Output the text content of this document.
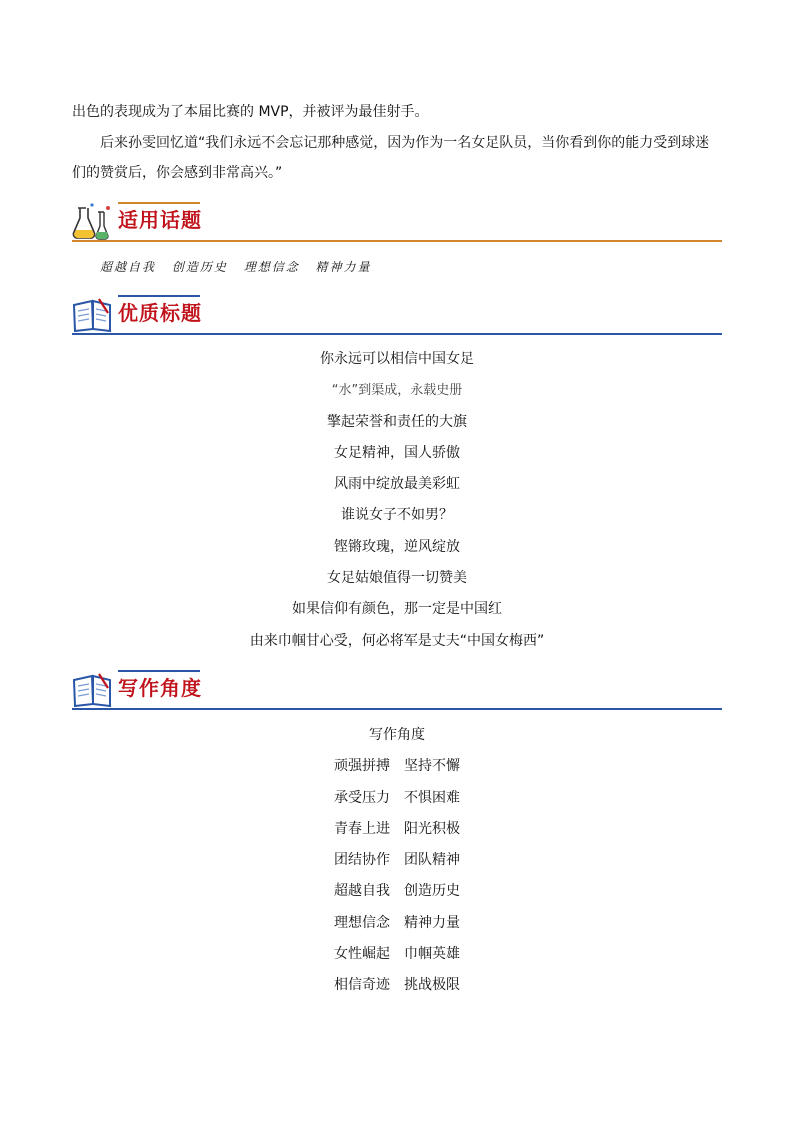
出色的表现成为了本届比赛的 MVP，并被评为最佳射手。

后来孙雯回忆道“我们永远不会忘记那种感觉，因为作为一名女足队员，当你看到你的能力受到球迷们的赞赏后，你会感到非常高兴。”

适用话题
超越自我 创造历史 理想信念 精神力量
优质标题
你永远可以相信中国女足
“水”到渠成，永载史册
擎起荣誉和责任的大旗
女足精神，国人骄傲
风雨中绽放最美彩虹
谁说女子不如男？
铿锵玫瑰，逆风绽放
女足姑娘值得一切赞美
如果信仰有颜色，那一定是中国红
由来巾帼甘心受，何必将军是丈夫“中国女梅西”
写作角度
写作角度
顽强拼搏 坚持不懈
承受压力 不惧困难
青春上进 阳光积极
团结协作 团队精神
超越自我 创造历史
理想信念 精神力量
女性崛起 巾帼英雄
相信奇迹 挑战极限
